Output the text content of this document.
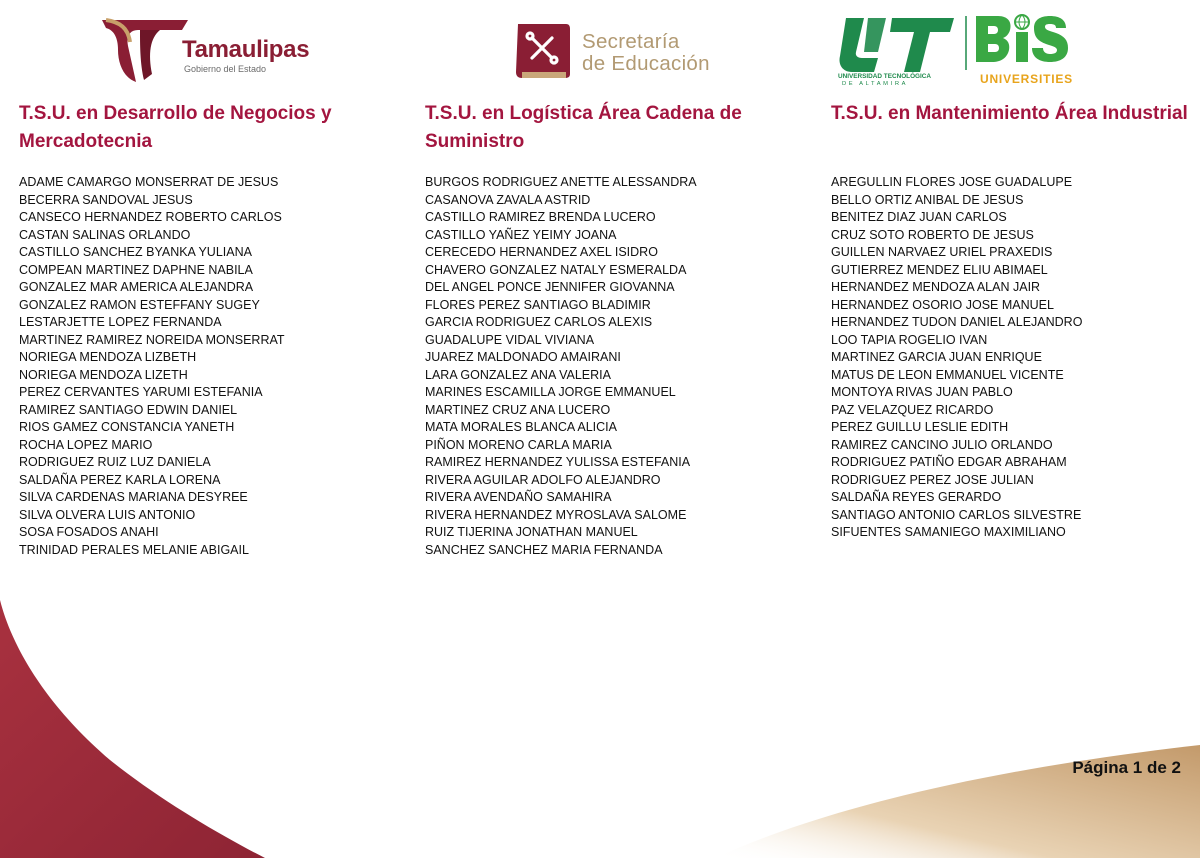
Tamaulipas
Gobierno del Estado
Secretaría
de Educación
UNIVERSIDAD TECNOLÓGICA
DE ALTAMIRA	UNIVERSITIES
T.S.U. en Desarrollo de Negocios y Mercadotecnia
ADAME CAMARGO MONSERRAT DE JESUS
BECERRA SANDOVAL JESUS
CANSECO HERNANDEZ ROBERTO CARLOS
CASTAN SALINAS ORLANDO
CASTILLO SANCHEZ BYANKA YULIANA
COMPEAN MARTINEZ DAPHNE NABILA
GONZALEZ MAR AMERICA ALEJANDRA
GONZALEZ RAMON ESTEFFANY SUGEY
LESTARJETTE LOPEZ FERNANDA
MARTINEZ RAMIREZ NOREIDA MONSERRAT
NORIEGA MENDOZA LIZBETH
NORIEGA MENDOZA LIZETH
PEREZ CERVANTES YARUMI ESTEFANIA
RAMIREZ SANTIAGO EDWIN DANIEL
RIOS GAMEZ CONSTANCIA YANETH
ROCHA LOPEZ MARIO
RODRIGUEZ RUIZ LUZ DANIELA
SALDAÑA PEREZ KARLA LORENA
SILVA CARDENAS MARIANA DESYREE
SILVA OLVERA LUIS ANTONIO
SOSA FOSADOS ANAHI
TRINIDAD PERALES MELANIE ABIGAIL
T.S.U. en Logística Área Cadena de Suministro
BURGOS RODRIGUEZ ANETTE ALESSANDRA
CASANOVA ZAVALA ASTRID
CASTILLO RAMIREZ BRENDA LUCERO
CASTILLO YAÑEZ YEIMY JOANA
CERECEDO HERNANDEZ AXEL ISIDRO
CHAVERO GONZALEZ NATALY ESMERALDA
DEL ANGEL PONCE JENNIFER GIOVANNA
FLORES PEREZ SANTIAGO BLADIMIR
GARCIA RODRIGUEZ CARLOS ALEXIS
GUADALUPE VIDAL VIVIANA
JUAREZ MALDONADO AMAIRANI
LARA GONZALEZ ANA VALERIA
MARINES ESCAMILLA JORGE EMMANUEL
MARTINEZ CRUZ ANA LUCERO
MATA MORALES BLANCA ALICIA
PIÑON MORENO CARLA MARIA
RAMIREZ HERNANDEZ YULISSA ESTEFANIA
RIVERA AGUILAR ADOLFO ALEJANDRO
RIVERA AVENDAÑO SAMAHIRA
RIVERA HERNANDEZ MYROSLAVA SALOME
RUIZ TIJERINA JONATHAN MANUEL
SANCHEZ SANCHEZ MARIA FERNANDA
T.S.U. en Mantenimiento Área Industrial
AREGULLIN FLORES JOSE GUADALUPE
BELLO ORTIZ ANIBAL DE JESUS
BENITEZ DIAZ JUAN CARLOS
CRUZ SOTO ROBERTO DE JESUS
GUILLEN NARVAEZ URIEL PRAXEDIS
GUTIERREZ MENDEZ ELIU ABIMAEL
HERNANDEZ MENDOZA ALAN JAIR
HERNANDEZ OSORIO JOSE MANUEL
HERNANDEZ TUDON DANIEL ALEJANDRO
LOO TAPIA ROGELIO IVAN
MARTINEZ GARCIA JUAN ENRIQUE
MATUS DE LEON EMMANUEL VICENTE
MONTOYA RIVAS JUAN PABLO
PAZ VELAZQUEZ RICARDO
PEREZ GUILLU LESLIE EDITH
RAMIREZ CANCINO JULIO ORLANDO
RODRIGUEZ PATIÑO EDGAR ABRAHAM
RODRIGUEZ PEREZ JOSE JULIAN
SALDAÑA REYES GERARDO
SANTIAGO ANTONIO CARLOS SILVESTRE
SIFUENTES SAMANIEGO MAXIMILIANO
Página 1 de 2
